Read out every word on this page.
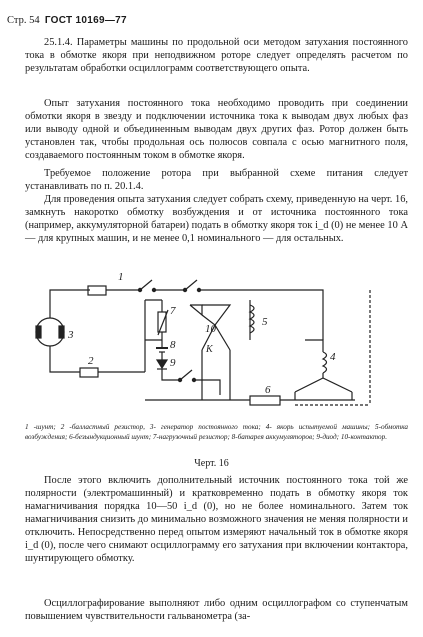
Стр. 54 ГОСТ 10169—77
25.1.4. Параметры машины по продольной оси методом затухания постоянного тока в обмотке якоря при неподвижном роторе следует определять расчетом по результатам обработки осциллограмм соответствующего опыта.
Опыт затухания постоянного тока необходимо проводить при соединении обмотки якоря в звезду и подключении источника тока к выводам двух любых фаз или выводу одной и объединенным выводам двух других фаз. Ротор должен быть установлен так, чтобы продольная ось полюсов совпала с осью магнитного поля, создаваемого постоянным током в обмотке якоря.
Требуемое положение ротора при выбранной схеме питания следует устанавливать по п. 20.1.4.
Для проведения опыта затухания следует собрать схему, приведенную на черт. 16, замкнуть накоротко обмотку возбуждения и от источника постоянного тока (например, аккумуляторной батареи) подать в обмотку якоря ток i_d (0) не менее 10 А — для крупных машин, и не менее 0,1 номинального — для остальных.
1
2
3
4
5
6
7
8
9
10
К
1 -шунт; 2 -балластный резистор, 3- генератор постоянного тока; 4- якорь испытуемой машины; 5-обмотка возбуждения; 6-безындукционный шунт; 7-нагрузочный резистор; 8-батарея аккумуляторов; 9-диод; 10-контактор.
Черт. 16
После этого включить дополнительный источник постоянного тока той же полярности (электромашинный) и кратковременно подать в обмотку якоря ток намагничивания порядка 10—50 i_d (0), но не более номинального. Затем ток намагничивания снизить до минимально возможного значения не меняя полярности и отключить. Непосредственно перед опытом измеряют начальный ток в обмотке якоря i_d (0), после чего снимают осциллограмму его затухания при включении контактора, шунтирующего обмотку.
Осциллографирование выполняют либо одним осциллографом со ступенчатым повышением чувствительности гальванометра (за-
